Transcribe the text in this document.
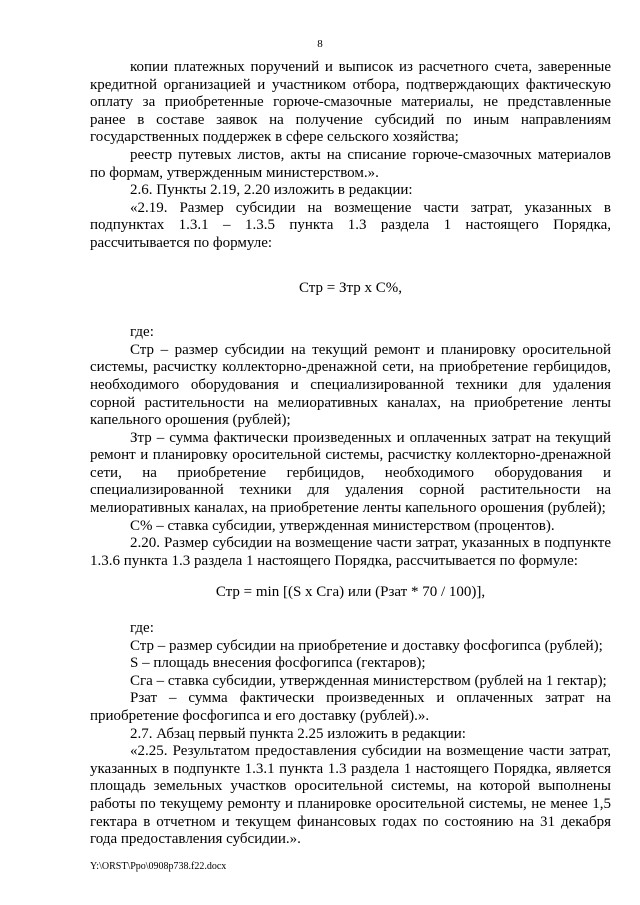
8

копии платежных поручений и выписок из расчетного счета, заверенные кредитной организацией и участником отбора, подтверждающих фактическую оплату за приобретенные горюче-смазочные материалы, не представленные ранее в составе заявок на получение субсидий по иным направлениям государственных поддержек в сфере сельского хозяйства;

реестр путевых листов, акты на списание горюче-смазочных материалов по формам, утвержденным министерством.».

2.6. Пункты 2.19, 2.20 изложить в редакции:

«2.19. Размер субсидии на возмещение части затрат, указанных в подпунктах 1.3.1 – 1.3.5 пункта 1.3 раздела 1 настоящего Порядка, рассчитывается по формуле:

Стр = Зтр x С%,

где:

Стр – размер субсидии на текущий ремонт и планировку оросительной системы, расчистку коллекторно-дренажной сети, на приобретение гербицидов, необходимого оборудования и специализированной техники для удаления сорной растительности на мелиоративных каналах, на приобретение ленты капельного орошения (рублей);

Зтр – сумма фактически произведенных и оплаченных затрат на текущий ремонт и планировку оросительной системы, расчистку коллекторно-дренажной сети, на приобретение гербицидов, необходимого оборудования и специализированной техники для удаления сорной растительности на мелиоративных каналах, на приобретение ленты капельного орошения (рублей);

С% – ставка субсидии, утвержденная министерством (процентов).

2.20. Размер субсидии на возмещение части затрат, указанных в подпункте 1.3.6 пункта 1.3 раздела 1 настоящего Порядка, рассчитывается по формуле:

Стр = min [(S x Сга) или (Рзат * 70 / 100)],

где:

Стр – размер субсидии на приобретение и доставку фосфогипса (рублей);

S – площадь внесения фосфогипса (гектаров);

Сга – ставка субсидии, утвержденная министерством (рублей на 1 гектар);

Рзат – сумма фактически произведенных и оплаченных затрат на приобретение фосфогипса и его доставку (рублей).».

2.7. Абзац первый пункта 2.25 изложить в редакции:

«2.25. Результатом предоставления субсидии на возмещение части затрат, указанных в подпункте 1.3.1 пункта 1.3 раздела 1 настоящего Порядка, является площадь земельных участков оросительной системы, на которой выполнены работы по текущему ремонту и планировке оросительной системы, не менее 1,5 гектара в отчетном и текущем финансовых годах по состоянию на 31 декабря года предоставления субсидии.».

Y:\ORST\Ppo\0908p738.f22.docx
